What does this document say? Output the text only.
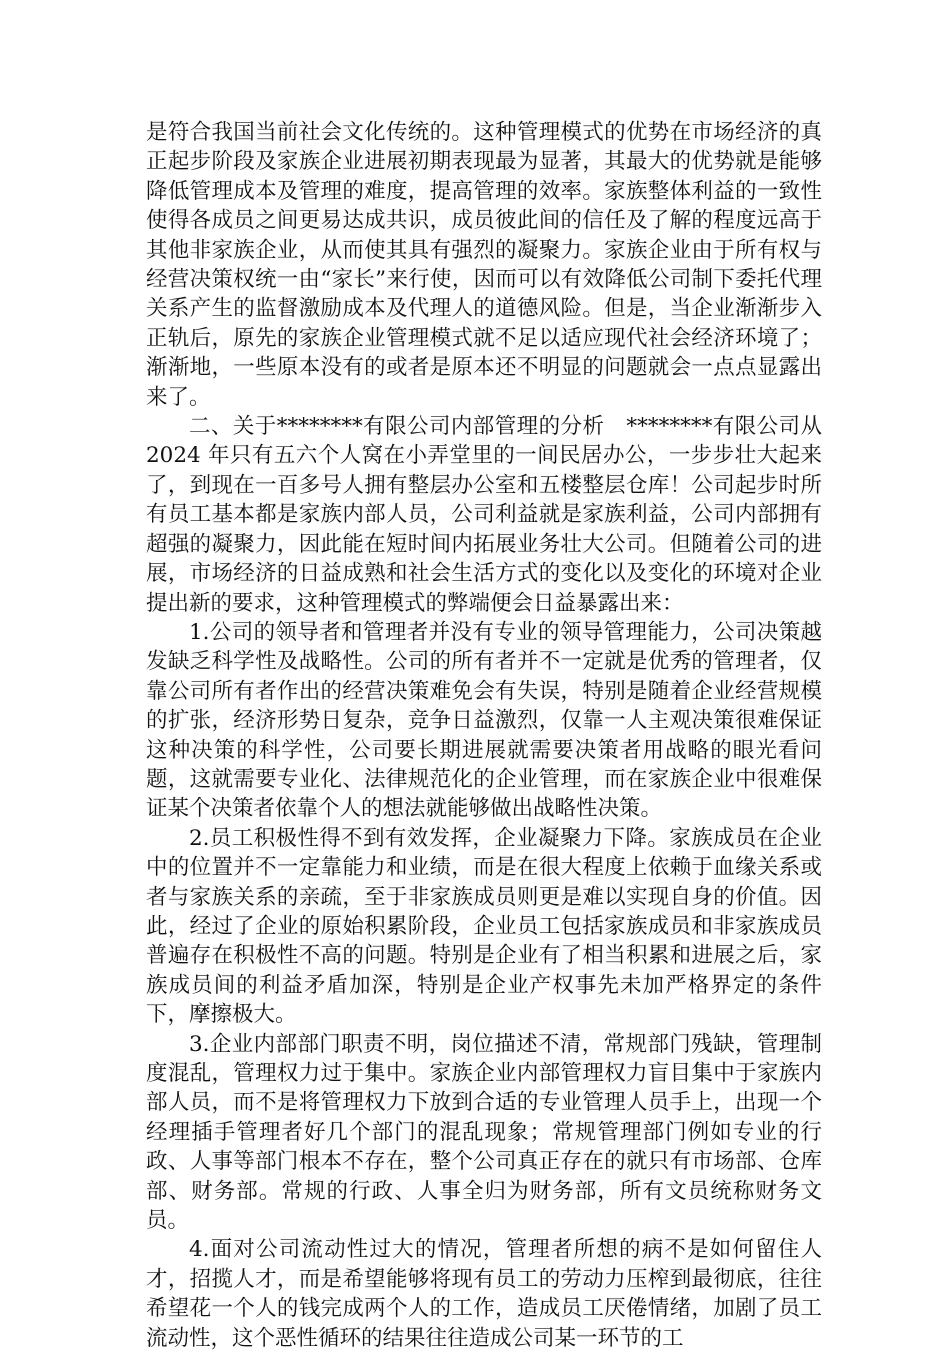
是符合我国当前社会文化传统的。这种管理模式的优势在市场经济的真正起步阶段及家族企业进展初期表现最为显著，其最大的优势就是能够降低管理成本及管理的难度，提高管理的效率。家族整体利益的一致性使得各成员之间更易达成共识，成员彼此间的信任及了解的程度远高于其他非家族企业，从而使其具有强烈的凝聚力。家族企业由于所有权与经营决策权统一由“家长”来行使，因而可以有效降低公司制下委托代理关系产生的监督激励成本及代理人的道德风险。但是，当企业渐渐步入正轨后，原先的家族企业管理模式就不足以适应现代社会经济环境了；渐渐地，一些原本没有的或者是原本还不明显的问题就会一点点显露出来了。

二、关于********有限公司内部管理的分析　********有限公司从 2024 年只有五六个人窝在小弄堂里的一间民居办公，一步步壮大起来了，到现在一百多号人拥有整层办公室和五楼整层仓库！公司起步时所有员工基本都是家族内部人员，公司利益就是家族利益，公司内部拥有超强的凝聚力，因此能在短时间内拓展业务壮大公司。但随着公司的进展，市场经济的日益成熟和社会生活方式的变化以及变化的环境对企业提出新的要求，这种管理模式的弊端便会日益暴露出来：

1.公司的领导者和管理者并没有专业的领导管理能力，公司决策越发缺乏科学性及战略性。公司的所有者并不一定就是优秀的管理者，仅靠公司所有者作出的经营决策难免会有失误，特别是随着企业经营规模的扩张，经济形势日复杂，竞争日益激烈，仅靠一人主观决策很难保证这种决策的科学性，公司要长期进展就需要决策者用战略的眼光看问题，这就需要专业化、法律规范化的企业管理，而在家族企业中很难保证某个决策者依靠个人的想法就能够做出战略性决策。

2.员工积极性得不到有效发挥，企业凝聚力下降。家族成员在企业中的位置并不一定靠能力和业绩，而是在很大程度上依赖于血缘关系或者与家族关系的亲疏，至于非家族成员则更是难以实现自身的价值。因此，经过了企业的原始积累阶段，企业员工包括家族成员和非家族成员普遍存在积极性不高的问题。特别是企业有了相当积累和进展之后，家族成员间的利益矛盾加深，特别是企业产权事先未加严格界定的条件下，摩擦极大。

3.企业内部部门职责不明，岗位描述不清，常规部门残缺，管理制度混乱，管理权力过于集中。家族企业内部管理权力盲目集中于家族内部人员，而不是将管理权力下放到合适的专业管理人员手上，出现一个经理插手管理者好几个部门的混乱现象；常规管理部门例如专业的行政、人事等部门根本不存在，整个公司真正存在的就只有市场部、仓库部、财务部。常规的行政、人事全归为财务部，所有文员统称财务文员。

4.面对公司流动性过大的情况，管理者所想的病不是如何留住人才，招揽人才，而是希望能够将现有员工的劳动力压榨到最彻底，往往希望花一个人的钱完成两个人的工作，造成员工厌倦情绪，加剧了员工流动性，这个恶性循环的结果往往造成公司某一环节的工
